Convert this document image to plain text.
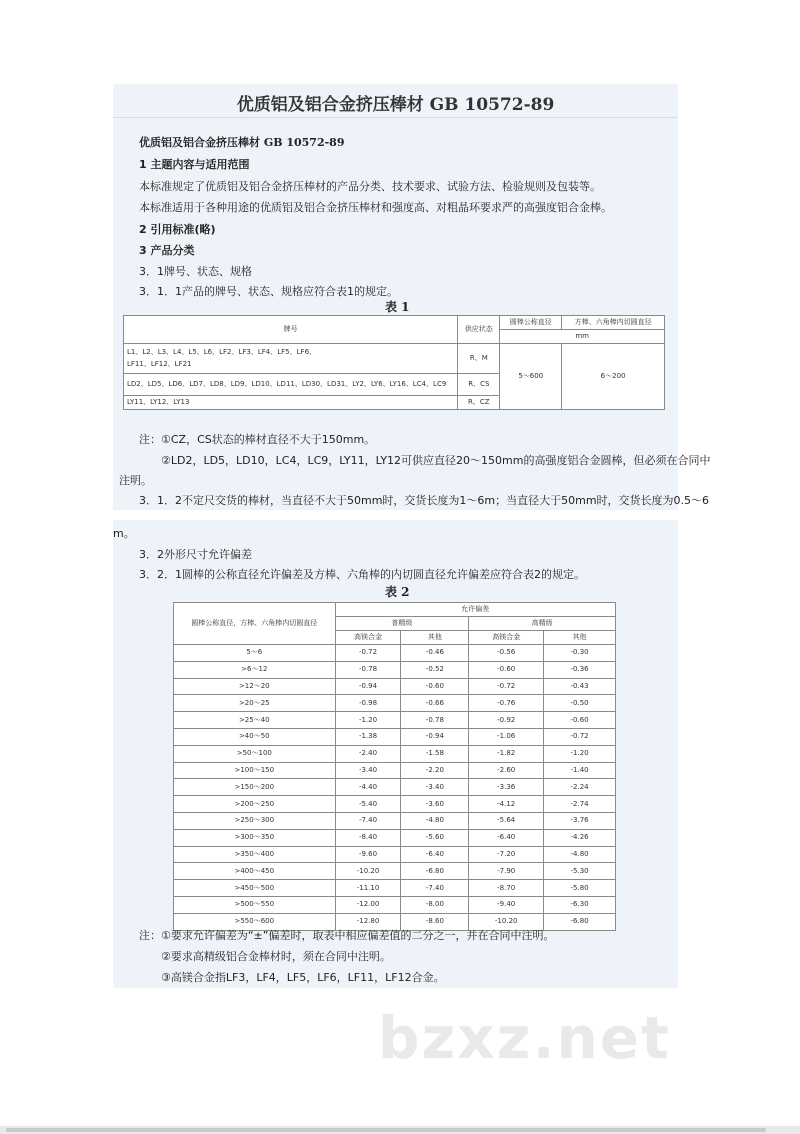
优质铝及铝合金挤压棒材 GB 10572-89
优质铝及铝合金挤压棒材 GB 10572-89
1 主题内容与适用范围
本标准规定了优质铝及铝合金挤压棒材的产品分类、技术要求、试验方法、检验规则及包装等。
本标准适用于各种用途的优质铝及铝合金挤压棒材和强度高、对粗晶环要求严的高强度铝合金棒。
2 引用标准(略)
3 产品分类
3．1牌号、状态、规格
3．1．1产品的牌号、状态、规格应符合表1的规定。
表 1
牌号	供应状态	圆棒公称直径	方棒、六角棒内切圆直径
		mm	

L1、L2、L3、L4、L5、L6、LF2、LF3、LF4、LF5、LF6、
LF11、LF12、LF21	R、M	5～600	6～200
LD2、LD5、LD6、LD7、LD8、LD9、LD10、LD11、LD30、LD31、LY2、LY6、LY16、LC4、LC9	R、CS		
LY11、LY12、LY13	R、CZ		
注：①CZ，CS状态的棒材直径不大于150mm。
②LD2，LD5，LD10，LC4，LC9，LY11，LY12可供应直径20～150mm的高强度铝合金圆棒，但必须在合同中
注明。
3．1．2不定尺交货的棒材，当直径不大于50mm时，交货长度为1～6m；当直径大于50mm时，交货长度为0.5～6
m。
3．2外形尺寸允许偏差
3．2．1圆棒的公称直径允许偏差及方棒、六角棒的内切圆直径允许偏差应符合表2的规定。
表 2
圆棒公称直径，方棒、六角棒内切圆直径	允许偏差			
	普精级		高精级	
	高镁合金	其他	高镁合金	其他
5～6	-0.72	-0.46	-0.56	-0.30
>6～12	-0.78	-0.52	-0.60	-0.36
>12～20	-0.94	-0.60	-0.72	-0.43
>20～25	-0.98	-0.66	-0.76	-0.50
>25～40	-1.20	-0.78	-0.92	-0.60
>40～50	-1.38	-0.94	-1.06	-0.72
>50～100	-2.40	-1.58	-1.82	-1.20
>100～150	-3.40	-2.20	-2.60	-1.40
>150～200	-4.40	-3.40	-3.36	-2.24
>200～250	-5.40	-3.60	-4.12	-2.74
>250～300	-7.40	-4.80	-5.64	-3.76
>300～350	-8.40	-5.60	-6.40	-4.26
>350～400	-9.60	-6.40	-7.20	-4.80
>400～450	-10.20	-6.80	-7.90	-5.30
>450～500	-11.10	-7.40	-8.70	-5.80
>500～550	-12.00	-8.00	-9.40	-6.30
>550～600	-12.80	-8.60	-10.20	-6.80
注：①要求允许偏差为“±”偏差时，取表中相应偏差值的二分之一，并在合同中注明。
②要求高精级铝合金棒材时，须在合同中注明。
③高镁合金指LF3，LF4，LF5，LF6，LF11，LF12合金。
bzxz.net
